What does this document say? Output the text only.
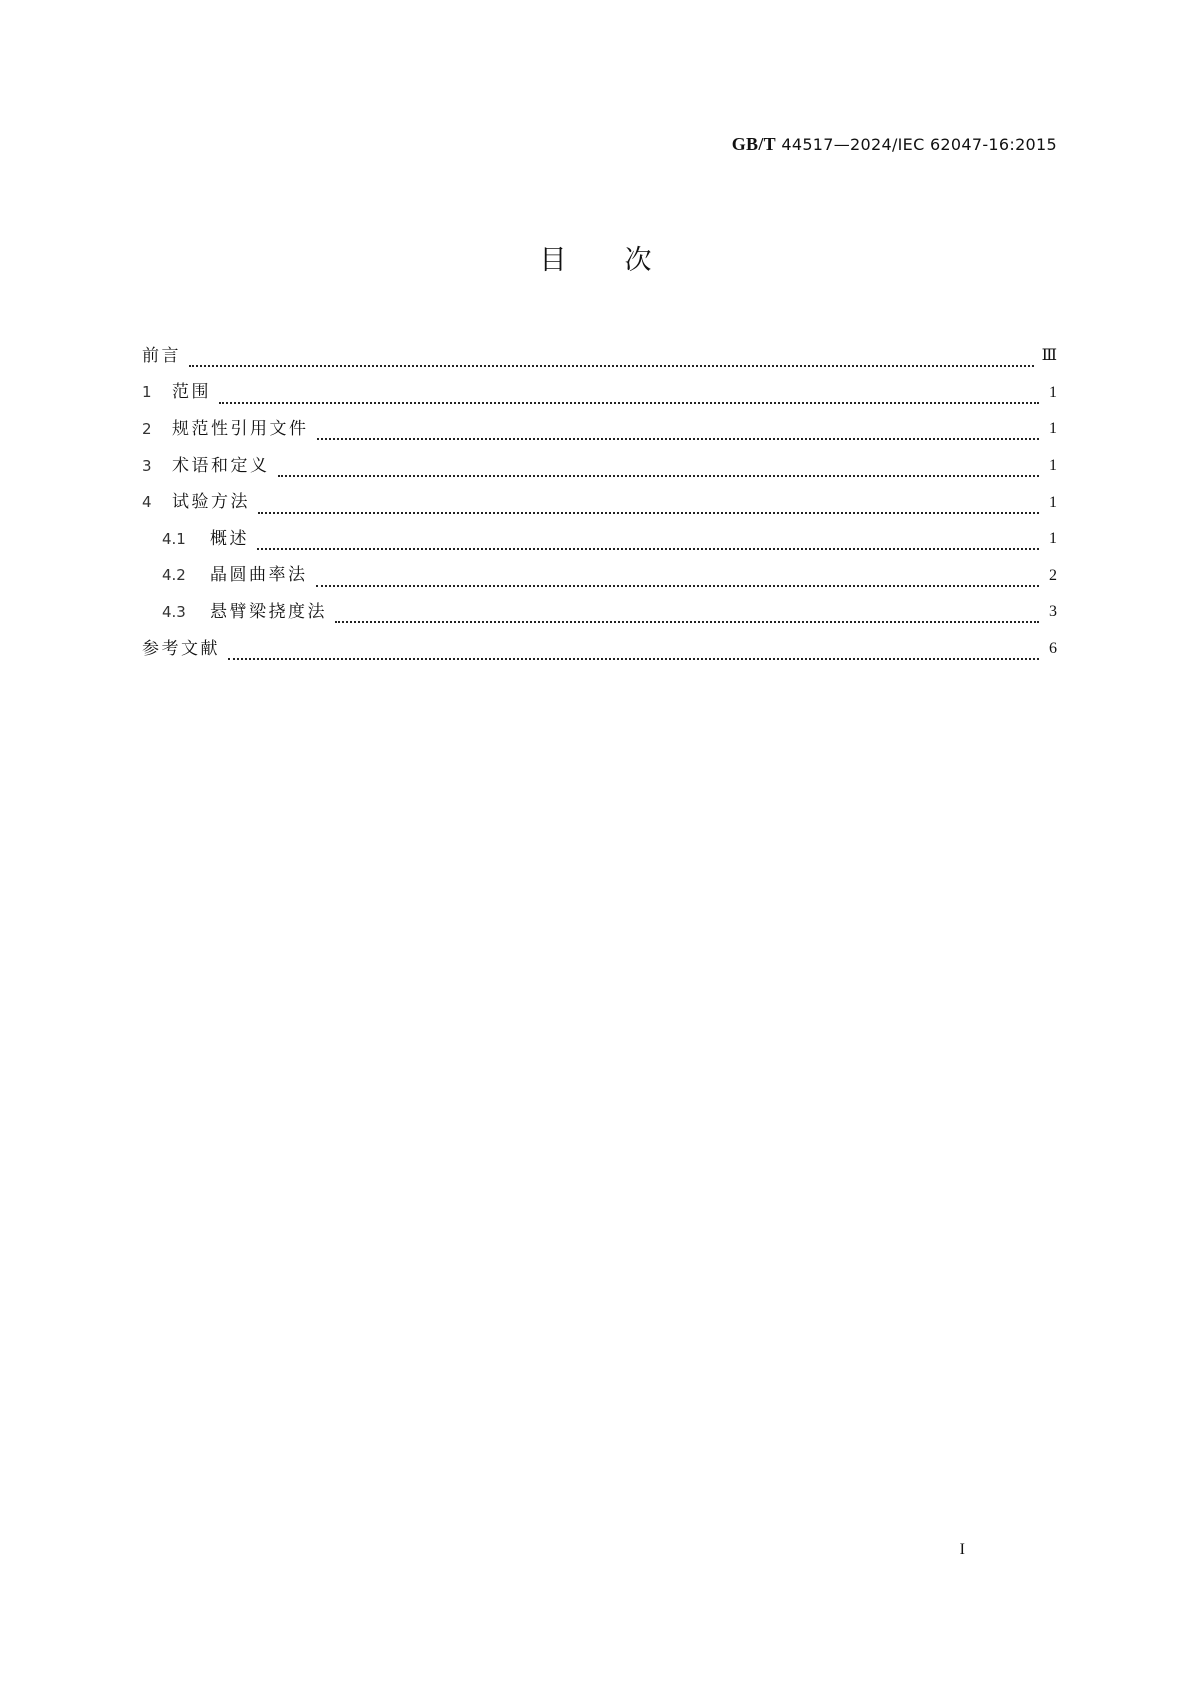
GB/T 44517—2024/IEC 62047-16:2015
目次
前言	Ⅲ
1	范围	1
2	规范性引用文件	1
3	术语和定义	1
4	试验方法	1
4.1	概述	1
4.2	晶圆曲率法	2
4.3	悬臂梁挠度法	3
参考文献	6
I
